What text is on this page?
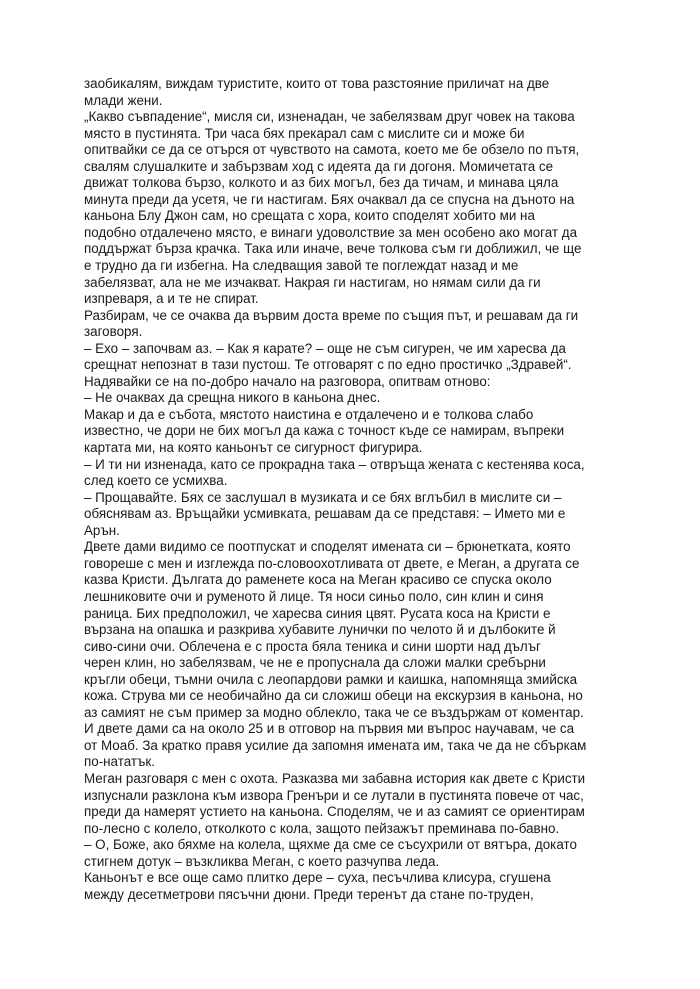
заобикалям, виждам туристите, които от това разстояние приличат на две
млади жени.
„Какво съвпадение“, мисля си, изненадан, че забелязвам друг човек на такова
място в пустинята. Три часа бях прекарал сам с мислите си и може би
опитвайки се да се отърся от чувството на самота, което ме бе обзело по пътя,
свалям слушалките и забързвам ход с идеята да ги догоня. Момичетата се
движат толкова бързо, колкото и аз бих могъл, без да тичам, и минава цяла
минута преди да усетя, че ги настигам. Бях очаквал да се спусна на дъното на
каньона Блу Джон сам, но срещата с хора, които споделят хобито ми на
подобно отдалечено място, е винаги удоволствие за мен особено ако могат да
поддържат бърза крачка. Така или иначе, вече толкова съм ги доближил, че ще
е трудно да ги избегна. На следващия завой те поглеждат назад и ме
забелязват, ала не ме изчакват. Накрая ги настигам, но нямам сили да ги
изпреваря, а и те не спират.
Разбирам, че се очаква да вървим доста време по същия път, и решавам да ги
заговоря.
– Ехо – започвам аз. – Как я карате? – още не съм сигурен, че им харесва да
срещнат непознат в тази пустош. Те отговарят с по едно простичко „Здравей“.
Надявайки се на по-добро начало на разговора, опитвам отново:
– Не очаквах да срещна никого в каньона днес.
Макар и да е събота, мястото наистина е отдалечено и е толкова слабо
известно, че дори не бих могъл да кажа с точност къде се намирам, въпреки
картата ми, на която каньонът се сигурност фигурира.
– И ти ни изненада, като се прокрадна така – отвръща жената с кестенява коса,
след което се усмихва.
– Прощавайте. Бях се заслушал в музиката и се бях вглъбил в мислите си –
обяснявам аз. Връщайки усмивката, решавам да се представя: – Името ми е
Арън.
Двете дами видимо се поотпускат и споделят имената си – брюнетката, която
говореше с мен и изглежда по-словоохотливата от двете, е Меган, а другата се
казва Кристи. Дългата до раменете коса на Меган красиво се спуска около
лешниковите очи и руменото й лице. Тя носи синьо поло, син клин и синя
раница. Бих предположил, че харесва синия цвят. Русата коса на Кристи е
вързана на опашка и разкрива хубавите лунички по челото й и дълбоките й
сиво-сини очи. Облечена е с проста бяла теника и сини шорти над дълъг
черен клин, но забелязвам, че не е пропуснала да сложи малки сребърни
кръгли обеци, тъмни очила с леопардови рамки и каишка, напомняща змийска
кожа. Струва ми се необичайно да си сложиш обеци на екскурзия в каньона, но
аз самият не съм пример за модно облекло, така че се въздържам от коментар.
И двете дами са на около 25 и в отговор на първия ми въпрос научавам, че са
от Моаб. За кратко правя усилие да запомня имената им, така че да не сбъркам
по-нататък.
Меган разговаря с мен с охота. Разказва ми забавна история как двете с Кристи
изпуснали разклона към извора Гренъри и се лутали в пустинята повече от час,
преди да намерят устието на каньона. Споделям, че и аз самият се ориентирам
по-лесно с колело, отколкото с кола, защото пейзажът преминава по-бавно.
– О, Боже, ако бяхме на колела, щяхме да сме се съсухрили от вятъра, докато
стигнем дотук – възкликва Меган, с което разчупва леда.
Каньонът е все още само плитко дере – суха, песъчлива клисура, сгушена
между десетметрови пясъчни дюни. Преди теренът да стане по-труден,
